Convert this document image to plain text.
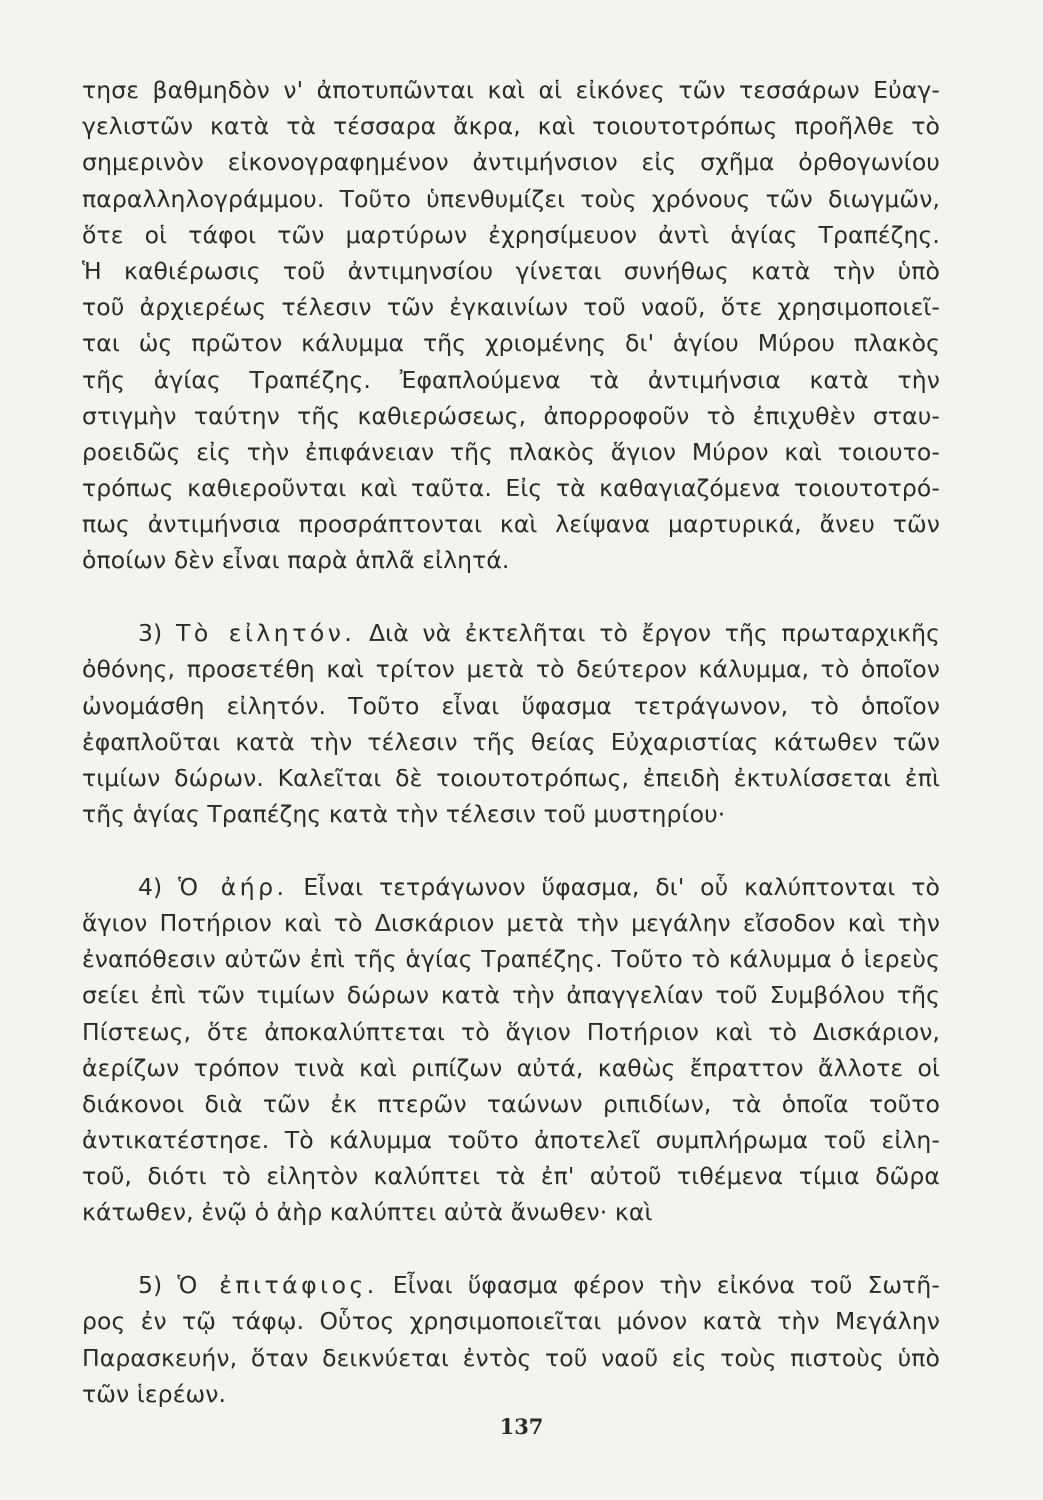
τησε βαθμηδὸν ν' ἀποτυπῶνται καὶ αἱ εἰκόνες τῶν τεσσάρων Εὐαγ-
γελιστῶν κατὰ τὰ τέσσαρα ἄκρα, καὶ τοιουτοτρόπως προῆλθε τὸ
σημερινὸν εἰκονογραφημένον ἀντιμήνσιον εἰς σχῆμα ὀρθογωνίου
παραλληλογράμμου. Τοῦτο ὑπενθυμίζει τοὺς χρόνους τῶν διωγμῶν,
ὅτε οἱ τάφοι τῶν μαρτύρων ἐχρησίμευον ἀντὶ ἁγίας Τραπέζης.
Ἡ καθιέρωσις τοῦ ἀντιμηνσίου γίνεται συνήθως κατὰ τὴν ὑπὸ
τοῦ ἀρχιερέως τέλεσιν τῶν ἐγκαινίων τοῦ ναοῦ, ὅτε χρησιμοποιεῖ-
ται ὡς πρῶτον κάλυμμα τῆς χριομένης δι' ἁγίου Μύρου πλακὸς
τῆς ἁγίας Τραπέζης. Ἐφαπλούμενα τὰ ἀντιμήνσια κατὰ τὴν
στιγμὴν ταύτην τῆς καθιερώσεως, ἀπορροφοῦν τὸ ἐπιχυθὲν σταυ-
ροειδῶς εἰς τὴν ἐπιφάνειαν τῆς πλακὸς ἅγιον Μύρον καὶ τοιουτο-
τρόπως καθιεροῦνται καὶ ταῦτα. Εἰς τὰ καθαγιαζόμενα τοιουτοτρό-
πως ἀντιμήνσια προσράπτονται καὶ λείψανα μαρτυρικά, ἄνευ τῶν
ὁποίων δὲν εἶναι παρὰ ἁπλᾶ εἰλητά.
3) Τὸ εἰλητόν. Διὰ νὰ ἐκτελῆται τὸ ἔργον τῆς πρωταρχικῆς
ὀθόνης, προσετέθη καὶ τρίτον μετὰ τὸ δεύτερον κάλυμμα, τὸ ὁποῖον
ὠνομάσθη εἰλητόν. Τοῦτο εἶναι ὕφασμα τετράγωνον, τὸ ὁποῖον
ἐφαπλοῦται κατὰ τὴν τέλεσιν τῆς θείας Εὐχαριστίας κάτωθεν τῶν
τιμίων δώρων. Καλεῖται δὲ τοιουτοτρόπως, ἐπειδὴ ἐκτυλίσσεται ἐπὶ
τῆς ἁγίας Τραπέζης κατὰ τὴν τέλεσιν τοῦ μυστηρίου·
4) Ὁ ἀήρ. Εἶναι τετράγωνον ὕφασμα, δι' οὗ καλύπτονται τὸ
ἅγιον Ποτήριον καὶ τὸ Δισκάριον μετὰ τὴν μεγάλην εἴσοδον καὶ τὴν
ἐναπόθεσιν αὐτῶν ἐπὶ τῆς ἁγίας Τραπέζης. Τοῦτο τὸ κάλυμμα ὁ ἱερεὺς
σείει ἐπὶ τῶν τιμίων δώρων κατὰ τὴν ἀπαγγελίαν τοῦ Συμβόλου τῆς
Πίστεως, ὅτε ἀποκαλύπτεται τὸ ἅγιον Ποτήριον καὶ τὸ Δισκάριον,
ἀερίζων τρόπον τινὰ καὶ ριπίζων αὐτά, καθὼς ἔπραττον ἄλλοτε οἱ
διάκονοι διὰ τῶν ἐκ πτερῶν ταώνων ριπιδίων, τὰ ὁποῖα τοῦτο
ἀντικατέστησε. Τὸ κάλυμμα τοῦτο ἀποτελεῖ συμπλήρωμα τοῦ εἰλη-
τοῦ, διότι τὸ εἰλητὸν καλύπτει τὰ ἐπ' αὐτοῦ τιθέμενα τίμια δῶρα
κάτωθεν, ἐνῷ ὁ ἀὴρ καλύπτει αὐτὰ ἄνωθεν· καὶ
5) Ὁ ἐπιτάφιος. Εἶναι ὕφασμα φέρον τὴν εἰκόνα τοῦ Σωτῆ-
ρος ἐν τῷ τάφῳ. Οὗτος χρησιμοποιεῖται μόνον κατὰ τὴν Μεγάλην
Παρασκευήν, ὅταν δεικνύεται ἐντὸς τοῦ ναοῦ εἰς τοὺς πιστοὺς ὑπὸ
τῶν ἱερέων.
137
